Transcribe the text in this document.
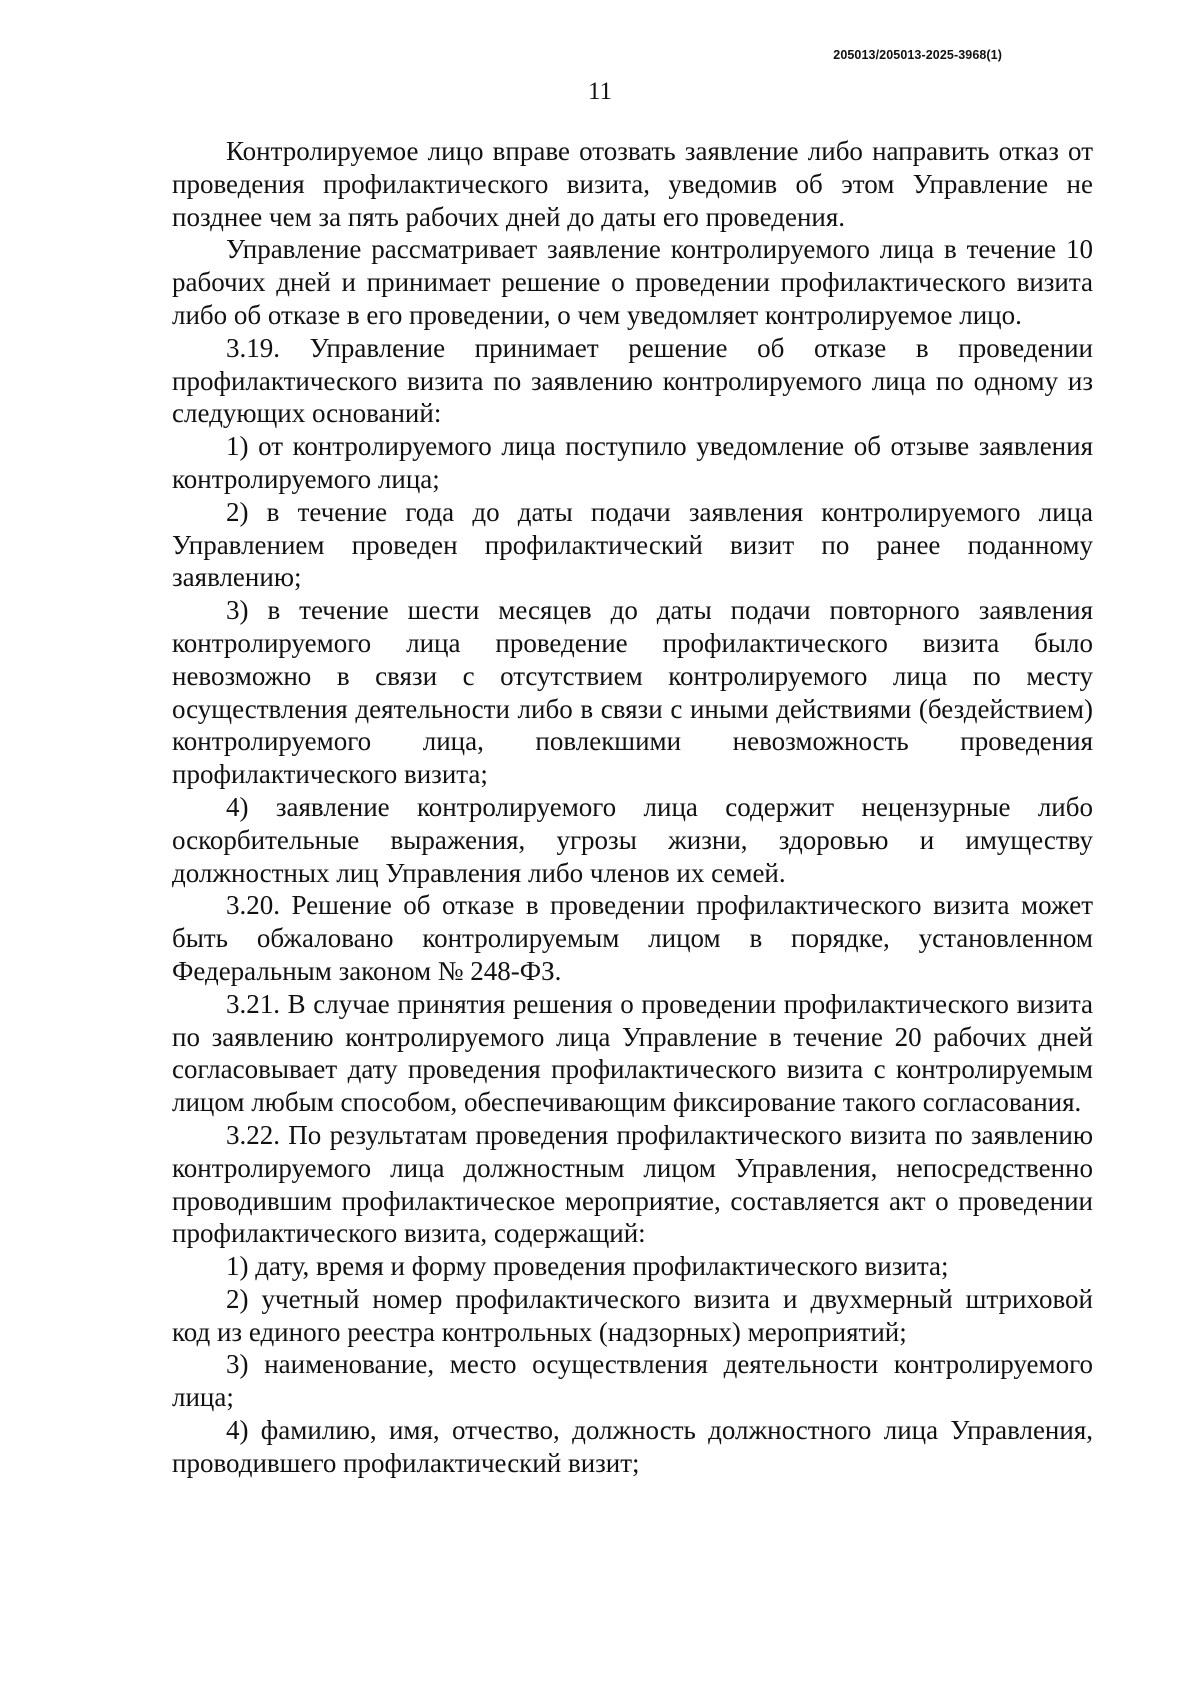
205013/205013-2025-3968(1)
11

Контролируемое лицо вправе отозвать заявление либо направить отказ от проведения профилактического визита, уведомив об этом Управление не позднее чем за пять рабочих дней до даты его проведения.

Управление рассматривает заявление контролируемого лица в течение 10 рабочих дней и принимает решение о проведении профилактического визита либо об отказе в его проведении, о чем уведомляет контролируемое лицо.

3.19. Управление принимает решение об отказе в проведении профилактического визита по заявлению контролируемого лица по одному из следующих оснований:

1) от контролируемого лица поступило уведомление об отзыве заявления контролируемого лица;

2) в течение года до даты подачи заявления контролируемого лица Управлением проведен профилактический визит по ранее поданному заявлению;

3) в течение шести месяцев до даты подачи повторного заявления контролируемого лица проведение профилактического визита было невозможно в связи с отсутствием контролируемого лица по месту осуществления деятельности либо в связи с иными действиями (бездействием) контролируемого лица, повлекшими невозможность проведения профилактического визита;

4) заявление контролируемого лица содержит нецензурные либо оскорбительные выражения, угрозы жизни, здоровью и имуществу должностных лиц Управления либо членов их семей.

3.20. Решение об отказе в проведении профилактического визита может быть обжаловано контролируемым лицом в порядке, установленном Федеральным законом № 248-ФЗ.

3.21. В случае принятия решения о проведении профилактического визита по заявлению контролируемого лица Управление в течение 20 рабочих дней согласовывает дату проведения профилактического визита с контролируемым лицом любым способом, обеспечивающим фиксирование такого согласования.

3.22. По результатам проведения профилактического визита по заявлению контролируемого лица должностным лицом Управления, непосредственно проводившим профилактическое мероприятие, составляется акт о проведении профилактического визита, содержащий:

1) дату, время и форму проведения профилактического визита;

2) учетный номер профилактического визита и двухмерный штриховой код из единого реестра контрольных (надзорных) мероприятий;

3) наименование, место осуществления деятельности контролируемого лица;

4) фамилию, имя, отчество, должность должностного лица Управления, проводившего профилактический визит;
